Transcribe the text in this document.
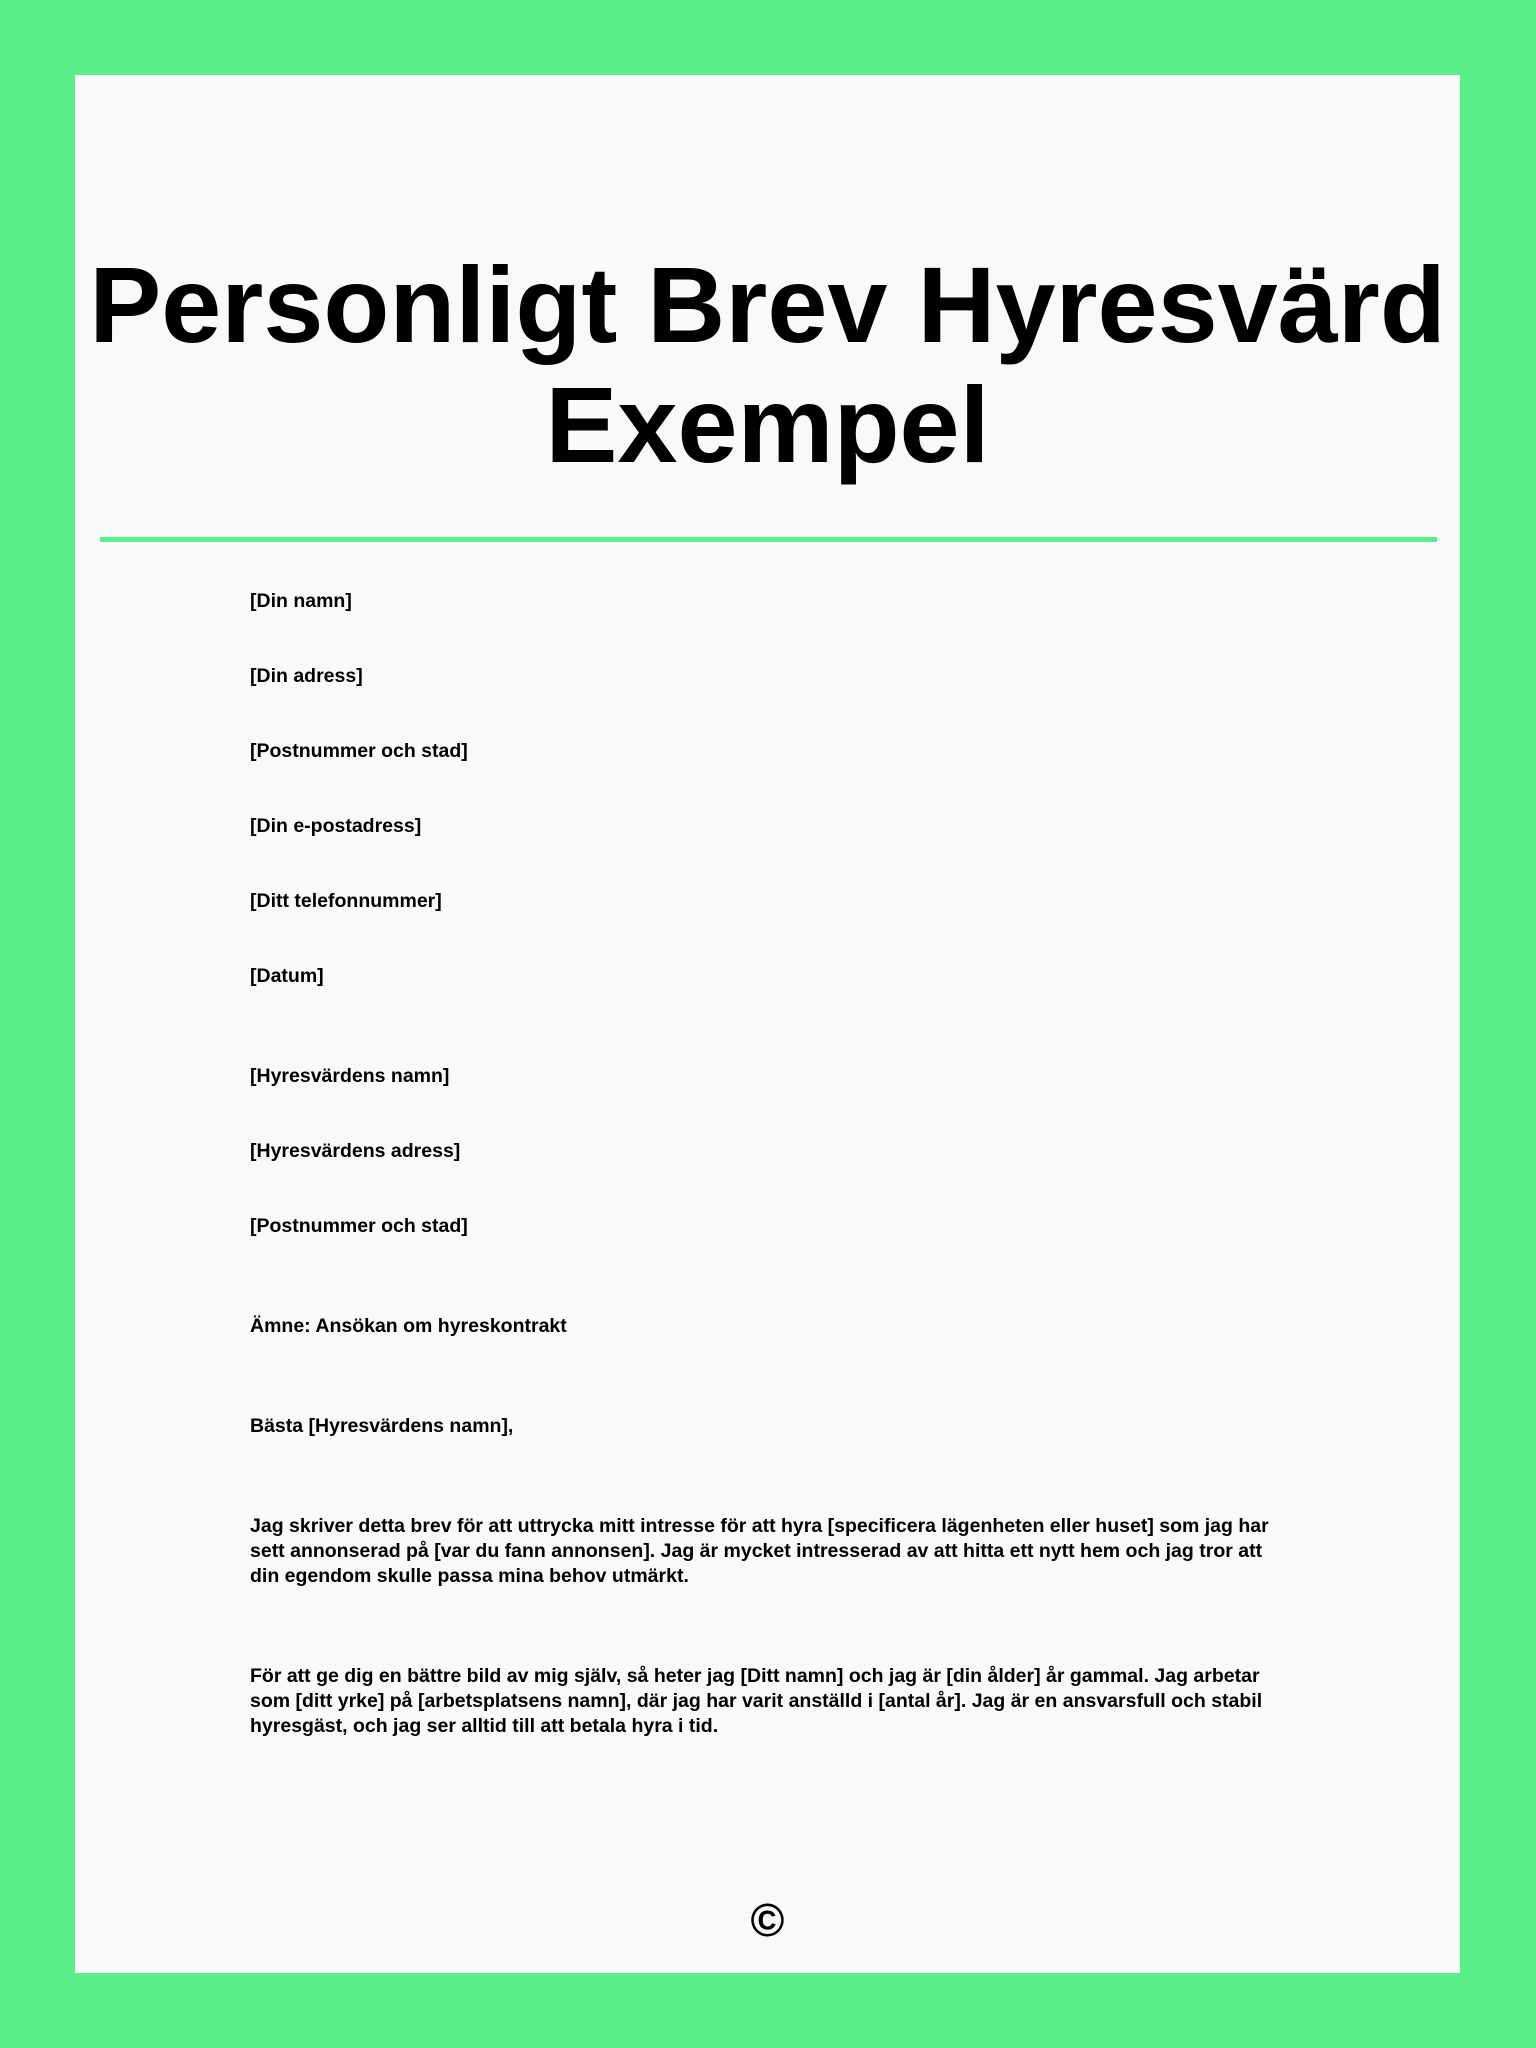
Personligt Brev Hyresvärd Exempel
[Din namn]
[Din adress]
[Postnummer och stad]
[Din e-postadress]
[Ditt telefonnummer]
[Datum]
[Hyresvärdens namn]
[Hyresvärdens adress]
[Postnummer och stad]
Ämne: Ansökan om hyreskontrakt
Bästa [Hyresvärdens namn],
Jag skriver detta brev för att uttrycka mitt intresse för att hyra [specificera lägenheten eller huset] som jag har sett annonserad på [var du fann annonsen]. Jag är mycket intresserad av att hitta ett nytt hem och jag tror att din egendom skulle passa mina behov utmärkt.
För att ge dig en bättre bild av mig själv, så heter jag [Ditt namn] och jag är [din ålder] år gammal. Jag arbetar som [ditt yrke] på [arbetsplatsens namn], där jag har varit anställd i [antal år]. Jag är en ansvarsfull och stabil hyresgäst, och jag ser alltid till att betala hyra i tid.
©
